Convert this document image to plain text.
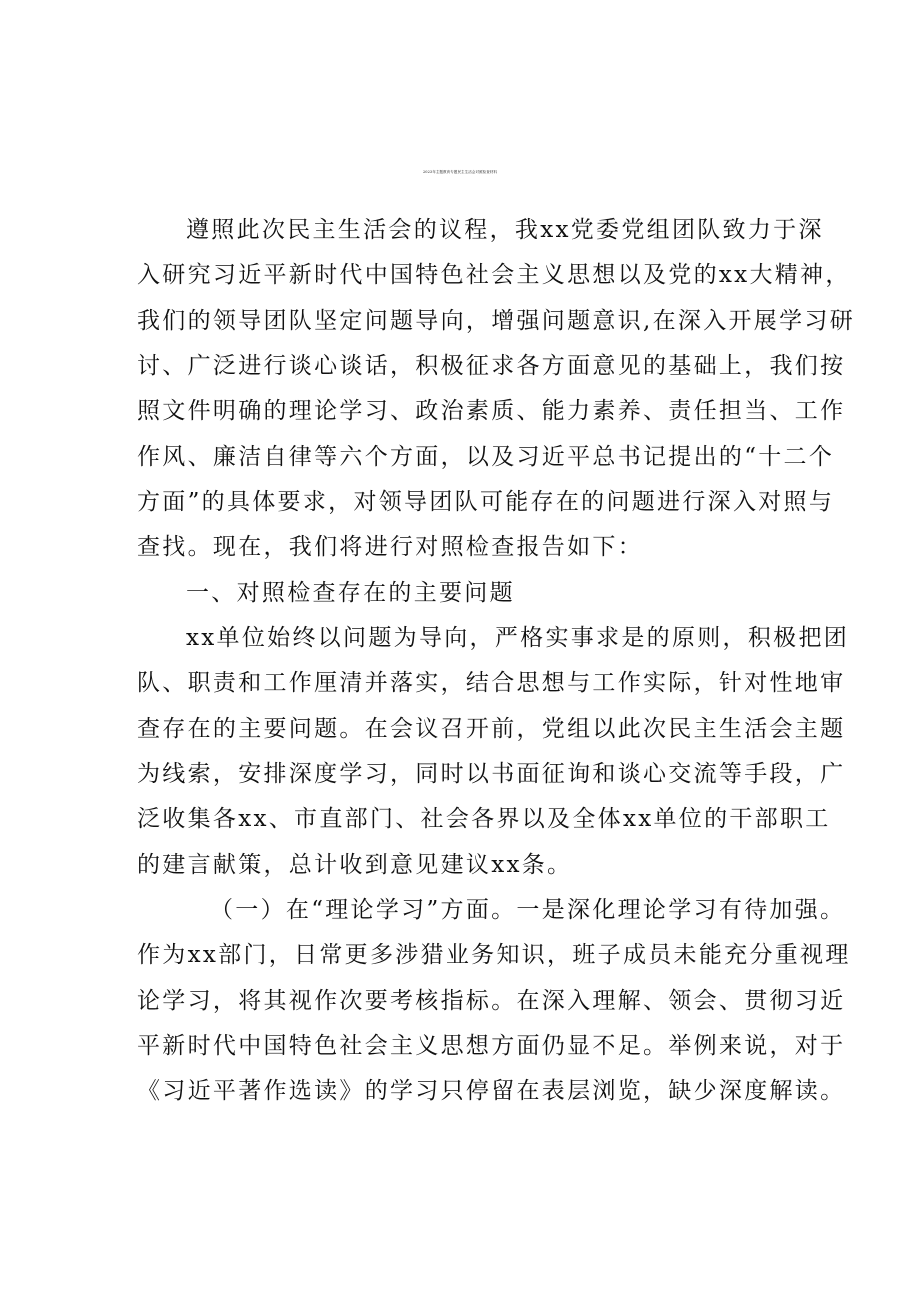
2023年主题教育专题民主生活会对照检查材料
遵照此次民主生活会的议程，我xx党委党组团队致力于深
入研究习近平新时代中国特色社会主义思想以及党的xx大精神，
我们的领导团队坚定问题导向，增强问题意识,在深入开展学习研
讨、广泛进行谈心谈话，积极征求各方面意见的基础上，我们按
照文件明确的理论学习、政治素质、能力素养、责任担当、工作
作风、廉洁自律等六个方面，以及习近平总书记提出的“十二个
方面”的具体要求，对领导团队可能存在的问题进行深入对照与
查找。现在，我们将进行对照检查报告如下：
一、对照检查存在的主要问题
xx单位始终以问题为导向，严格实事求是的原则，积极把团
队、职责和工作厘清并落实，结合思想与工作实际，针对性地审
查存在的主要问题。在会议召开前，党组以此次民主生活会主题
为线索，安排深度学习，同时以书面征询和谈心交流等手段，广
泛收集各xx、市直部门、社会各界以及全体xx单位的干部职工
的建言献策，总计收到意见建议xx条。
（一）在“理论学习”方面。一是深化理论学习有待加强。
作为xx部门，日常更多涉猎业务知识，班子成员未能充分重视理
论学习，将其视作次要考核指标。在深入理解、领会、贯彻习近
平新时代中国特色社会主义思想方面仍显不足。举例来说，对于
《习近平著作选读》的学习只停留在表层浏览，缺少深度解读。
